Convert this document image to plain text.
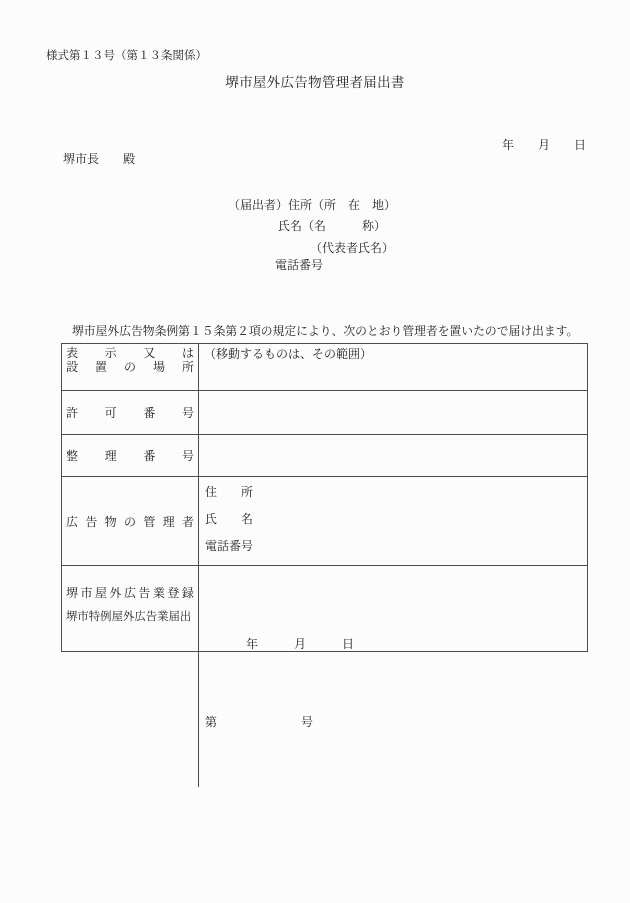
様式第１３号（第１３条関係）
堺市屋外広告物管理者届出書
年　　月　　日
堺市長　　殿
（届出者）住所（所　在　地）
氏名（名　　　称）
（代表者氏名）
電話番号
堺市屋外広告物条例第１５条第２項の規定により、次のとおり管理者を置いたので届け出ます。
表 示 又 は
設 置 の 場 所
（移動するものは、その範囲）
許 可 番 号
整 理 番 号
広 告 物 の 管 理 者
住　　所
氏　　名
電話番号
堺 市 屋 外 広 告 業 登 録
堺市特例屋外広告業届出

年　　　月　　　日

第　　　　　　　号
